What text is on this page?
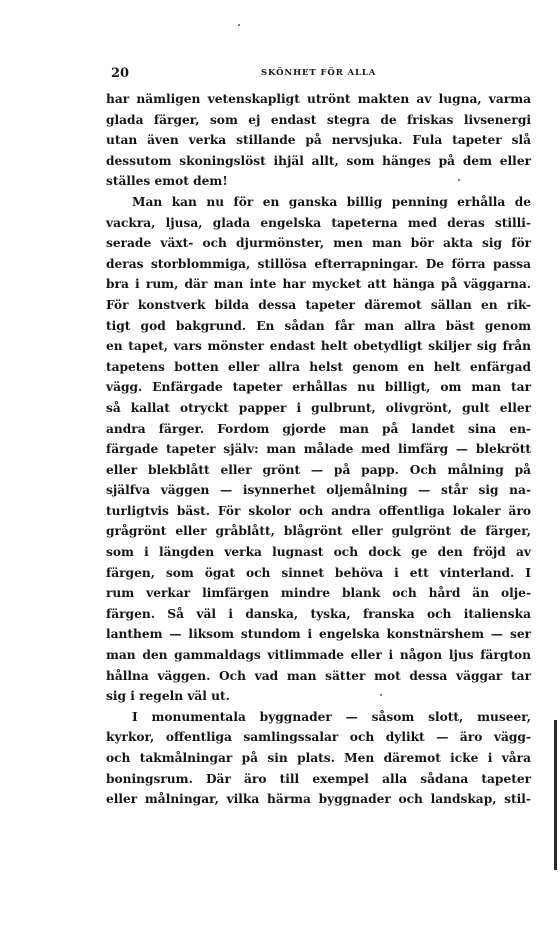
20	SKÖNHET FÖR ALLA
har nämligen vetenskapligt utrönt makten av lugna, varma
glada färger, som ej endast stegra de friskas livsenergi
utan även verka stillande på nervsjuka. Fula tapeter slå
dessutom skoningslöst ihjäl allt, som hänges på dem eller
ställes emot dem!
Man kan nu för en ganska billig penning erhålla de
vackra, ljusa, glada engelska tapeterna med deras stilli-
serade växt- och djurmönster, men man bör akta sig för
deras storblommiga, stillösa efterrapningar. De förra passa
bra i rum, där man inte har mycket att hänga på väggarna.
För konstverk bilda dessa tapeter däremot sällan en rik-
tigt god bakgrund. En sådan får man allra bäst genom
en tapet, vars mönster endast helt obetydligt skiljer sig från
tapetens botten eller allra helst genom en helt enfärgad
vägg. Enfärgade tapeter erhållas nu billigt, om man tar
så kallat otryckt papper i gulbrunt, olivgrönt, gult eller
andra färger. Fordom gjorde man på landet sina en-
färgade tapeter själv: man målade med limfärg — blekrött
eller blekblått eller grönt — på papp. Och målning på
själfva väggen — isynnerhet oljemålning — står sig na-
turligtvis bäst. För skolor och andra offentliga lokaler äro
grågrönt eller gråblått, blågrönt eller gulgrönt de färger,
som i längden verka lugnast och dock ge den fröjd av
färgen, som ögat och sinnet behöva i ett vinterland. I
rum verkar limfärgen mindre blank och hård än olje-
färgen. Så väl i danska, tyska, franska och italienska
lanthem — liksom stundom i engelska konstnärshem — ser
man den gammaldags vitlimmade eller i någon ljus färgton
hållna väggen. Och vad man sätter mot dessa väggar tar
sig i regeln väl ut.
I monumentala byggnader — såsom slott, museer,
kyrkor, offentliga samlingssalar och dylikt — äro vägg-
och takmålningar på sin plats. Men däremot icke i våra
boningsrum. Där äro till exempel alla sådana tapeter
eller målningar, vilka härma byggnader och landskap, stil-
